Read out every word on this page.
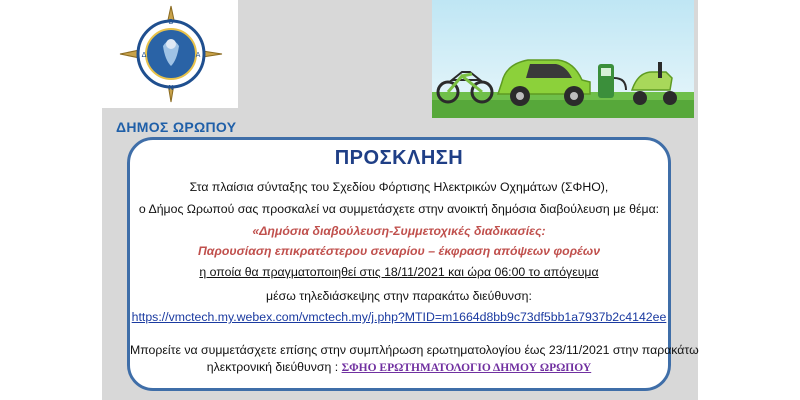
Β
Δ	Α
Ν
ΔΗΜΟΣ ΩΡΩΠΟΥ
ΠΡΟΣΚΛΗΣΗ
Στα πλαίσια σύνταξης του Σχεδίου Φόρτισης Ηλεκτρικών Οχημάτων (ΣΦΗΟ),
ο Δήμος Ωρωπού σας προσκαλεί να συμμετάσχετε στην ανοικτή δημόσια διαβούλευση με θέμα:
«Δημόσια διαβούλευση-Συμμετοχικές διαδικασίες:
Παρουσίαση επικρατέστερου σεναρίου – έκφραση απόψεων φορέων
η οποία θα πραγματοποιηθεί στις 18/11/2021 και ώρα 06:00 το απόγευμα
μέσω τηλεδιάσκεψης στην παρακάτω διεύθυνση:
https://vmctech.my.webex.com/vmctech.my/j.php?MTID=m1664d8bb9c73df5bb1a7937b2c4142ee
Μπορείτε να συμμετάσχετε επίσης στην συμπλήρωση ερωτηματολογίου έως 23/11/2021 στην παρακάτω
ηλεκτρονική διεύθυνση : ΣΦΗΟ ΕΡΩΤΗΜΑΤΟΛΟΓΙΟ ΔΗΜΟΥ ΩΡΩΠΟΥ
